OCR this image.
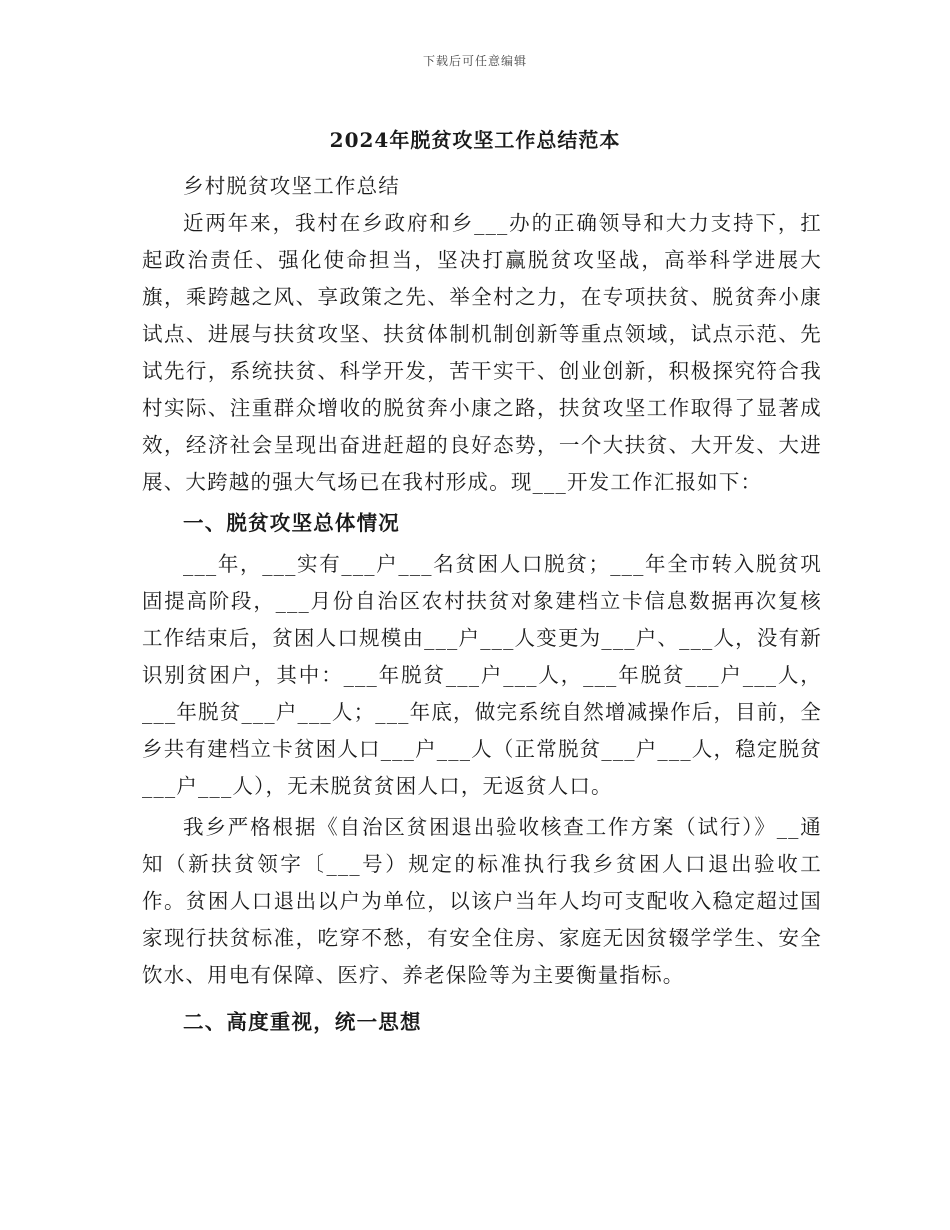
下载后可任意编辑
2024年脱贫攻坚工作总结范本

乡村脱贫攻坚工作总结

近两年来，我村在乡政府和乡___办的正确领导和大力支持下，扛起政治责任、强化使命担当，坚决打赢脱贫攻坚战，高举科学进展大旗，乘跨越之风、享政策之先、举全村之力，在专项扶贫、脱贫奔小康试点、进展与扶贫攻坚、扶贫体制机制创新等重点领域，试点示范、先试先行，系统扶贫、科学开发，苦干实干、创业创新，积极探究符合我村实际、注重群众增收的脱贫奔小康之路，扶贫攻坚工作取得了显著成效，经济社会呈现出奋进赶超的良好态势，一个大扶贫、大开发、大进展、大跨越的强大气场已在我村形成。现___开发工作汇报如下：

一、脱贫攻坚总体情况

___年，___实有___户___名贫困人口脱贫；___年全市转入脱贫巩固提高阶段，___月份自治区农村扶贫对象建档立卡信息数据再次复核工作结束后，贫困人口规模由___户___人变更为___户、___人，没有新识别贫困户，其中：___年脱贫___户___人，___年脱贫___户___人，___年脱贫___户___人；___年底，做完系统自然增减操作后，目前，全乡共有建档立卡贫困人口___户___人（正常脱贫___户___人，稳定脱贫___户___人），无未脱贫贫困人口，无返贫人口。

我乡严格根据《自治区贫困退出验收核查工作方案（试行）》__通知（新扶贫领字〔___号）规定的标准执行我乡贫困人口退出验收工作。贫困人口退出以户为单位，以该户当年人均可支配收入稳定超过国家现行扶贫标准，吃穿不愁，有安全住房、家庭无因贫辍学学生、安全饮水、用电有保障、医疗、养老保险等为主要衡量指标。

二、高度重视，统一思想
